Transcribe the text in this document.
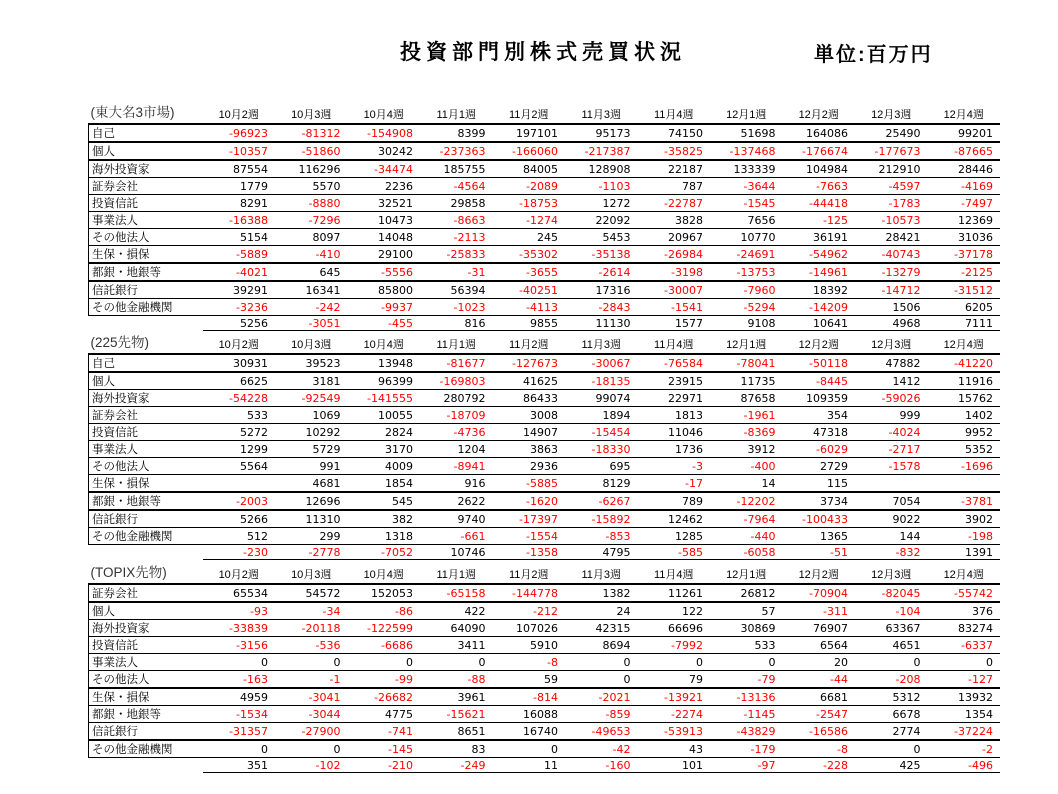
投資部門別株式売買状況	単位:百万円
(東大名3市場)	10月2週	10月3週	10月4週	11月1週	11月2週	11月3週	11月4週	12月1週	12月2週	12月3週	12月4週
自己	-96923	-81312	-154908	8399	197101	95173	74150	51698	164086	25490	99201
個人	-10357	-51860	30242	-237363	-166060	-217387	-35825	-137468	-176674	-177673	-87665
海外投資家	87554	116296	-34474	185755	84005	128908	22187	133339	104984	212910	28446
証券会社	1779	5570	2236	-4564	-2089	-1103	787	-3644	-7663	-4597	-4169
投資信託	8291	-8880	32521	29858	-18753	1272	-22787	-1545	-44418	-1783	-7497
事業法人	-16388	-7296	10473	-8663	-1274	22092	3828	7656	-125	-10573	12369
その他法人	5154	8097	14048	-2113	245	5453	20967	10770	36191	28421	31036
生保・損保	-5889	-410	29100	-25833	-35302	-35138	-26984	-24691	-54962	-40743	-37178
都銀・地銀等	-4021	645	-5556	-31	-3655	-2614	-3198	-13753	-14961	-13279	-2125
信託銀行	39291	16341	85800	56394	-40251	17316	-30007	-7960	18392	-14712	-31512
その他金融機関	-3236	-242	-9937	-1023	-4113	-2843	-1541	-5294	-14209	1506	6205
	5256	-3051	-455	816	9855	11130	1577	9108	10641	4968	7111
(225先物)	10月2週	10月3週	10月4週	11月1週	11月2週	11月3週	11月4週	12月1週	12月2週	12月3週	12月4週
自己	30931	39523	13948	-81677	-127673	-30067	-76584	-78041	-50118	47882	-41220
個人	6625	3181	96399	-169803	41625	-18135	23915	11735	-8445	1412	11916
海外投資家	-54228	-92549	-141555	280792	86433	99074	22971	87658	109359	-59026	15762
証券会社	533	1069	10055	-18709	3008	1894	1813	-1961	354	999	1402
投資信託	5272	10292	2824	-4736	14907	-15454	11046	-8369	47318	-4024	9952
事業法人	1299	5729	3170	1204	3863	-18330	1736	3912	-6029	-2717	5352
その他法人	5564	991	4009	-8941	2936	695	-3	-400	2729	-1578	-1696
生保・損保		4681	1854	916	-5885	8129	-17	14	115		
都銀・地銀等	-2003	12696	545	2622	-1620	-6267	789	-12202	3734	7054	-3781
信託銀行	5266	11310	382	9740	-17397	-15892	12462	-7964	-100433	9022	3902
その他金融機関	512	299	1318	-661	-1554	-853	1285	-440	1365	144	-198
	-230	-2778	-7052	10746	-1358	4795	-585	-6058	-51	-832	1391
(TOPIX先物)	10月2週	10月3週	10月4週	11月1週	11月2週	11月3週	11月4週	12月1週	12月2週	12月3週	12月4週
証券会社	65534	54572	152053	-65158	-144778	1382	11261	26812	-70904	-82045	-55742
個人	-93	-34	-86	422	-212	24	122	57	-311	-104	376
海外投資家	-33839	-20118	-122599	64090	107026	42315	66696	30869	76907	63367	83274
投資信託	-3156	-536	-6686	3411	5910	8694	-7992	533	6564	4651	-6337
事業法人	0	0	0	0	-8	0	0	0	20	0	0
その他法人	-163	-1	-99	-88	59	0	79	-79	-44	-208	-127
生保・損保	4959	-3041	-26682	3961	-814	-2021	-13921	-13136	6681	5312	13932
都銀・地銀等	-1534	-3044	4775	-15621	16088	-859	-2274	-1145	-2547	6678	1354
信託銀行	-31357	-27900	-741	8651	16740	-49653	-53913	-43829	-16586	2774	-37224
その他金融機関	0	0	-145	83	0	-42	43	-179	-8	0	-2
	351	-102	-210	-249	11	-160	101	-97	-228	425	-496
